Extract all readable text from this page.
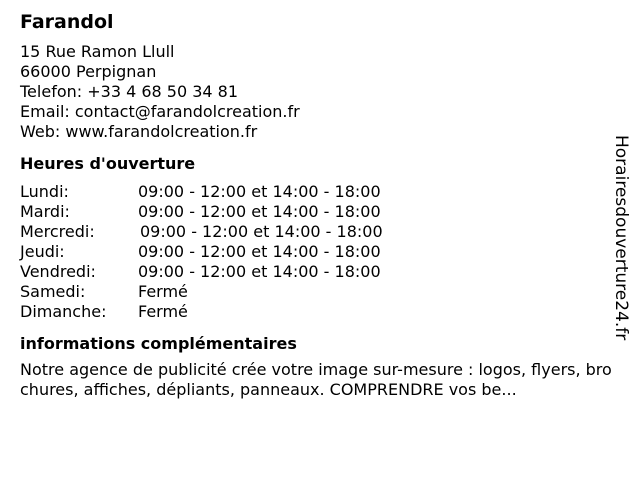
Farandol
15 Rue Ramon Llull
66000 Perpignan
Telefon: +33 4 68 50 34 81
Email: contact@farandolcreation.fr
Web: www.farandolcreation.fr
Heures d'ouverture
Lundi:	09:00 - 12:00 et 14:00 - 18:00
Mardi:	09:00 - 12:00 et 14:00 - 18:00
Mercredi:	09:00 - 12:00 et 14:00 - 18:00
Jeudi:	09:00 - 12:00 et 14:00 - 18:00
Vendredi:	09:00 - 12:00 et 14:00 - 18:00
Samedi:	Fermé
Dimanche:	Fermé
informations complémentaires
Notre agence de publicité crée votre image sur-mesure : logos, flyers, brochures, affiches, dépliants, panneaux. COMPRENDRE vos be...
Horairesdouverture24.fr
